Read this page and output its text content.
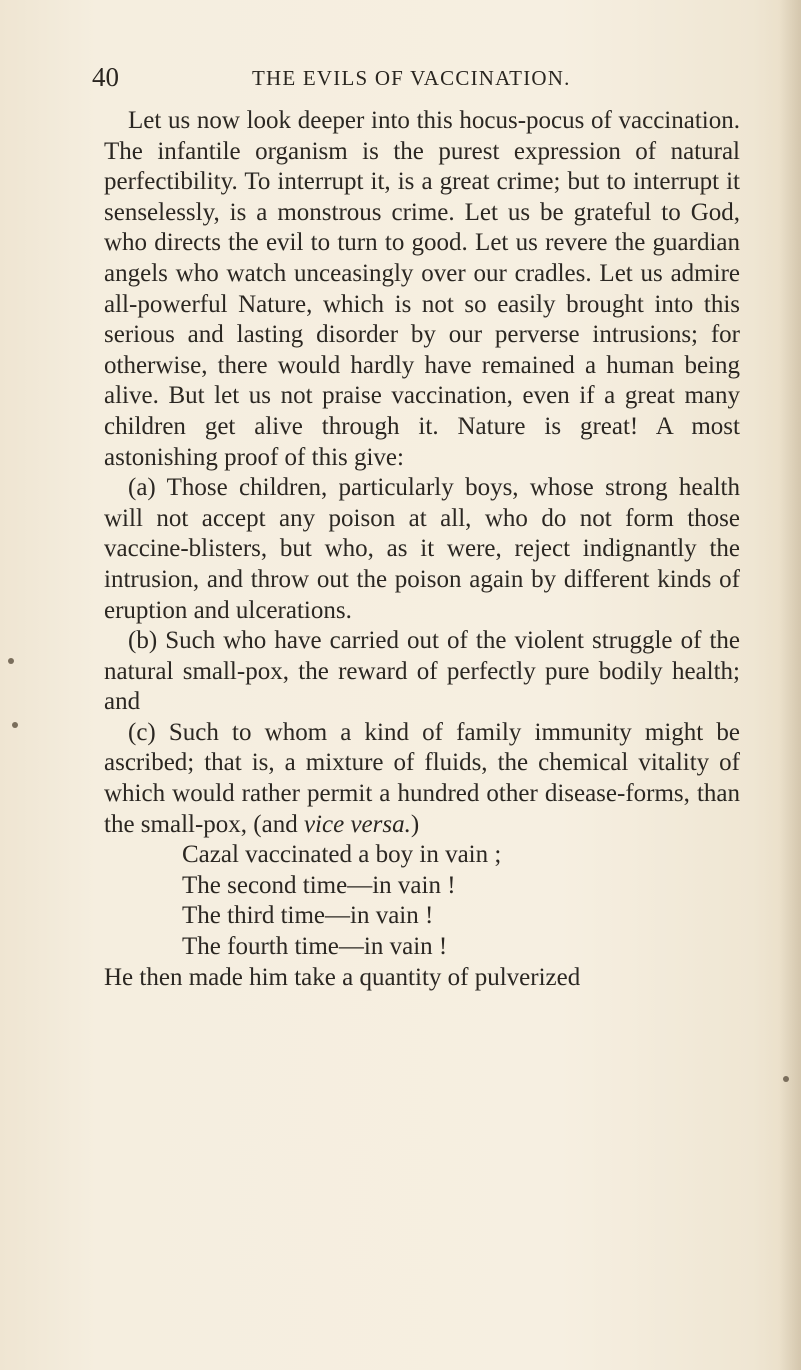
40	THE EVILS OF VACCINATION.

Let us now look deeper into this hocus-pocus of vaccination. The infantile organism is the purest expression of natural perfectibility. To interrupt it, is a great crime; but to interrupt it senselessly, is a monstrous crime. Let us be grateful to God, who directs the evil to turn to good. Let us revere the guardian angels who watch unceasingly over our cradles. Let us admire all-powerful Nature, which is not so easily brought into this serious and lasting disorder by our perverse intrusions; for otherwise, there would hardly have remained a human being alive. But let us not praise vaccination, even if a great many children get alive through it. Nature is great! A most astonishing proof of this give:

(a) Those children, particularly boys, whose strong health will not accept any poison at all, who do not form those vaccine-blisters, but who, as it were, reject indignantly the intrusion, and throw out the poison again by different kinds of eruption and ulcerations.

(b) Such who have carried out of the violent struggle of the natural small-pox, the reward of perfectly pure bodily health; and

(c) Such to whom a kind of family immunity might be ascribed; that is, a mixture of fluids, the chemical vitality of which would rather permit a hundred other disease-forms, than the small-pox, (and vice versa.)

Cazal vaccinated a boy in vain ;

The second time—in vain !

The third time—in vain !

The fourth time—in vain !

He then made him take a quantity of pulverized
